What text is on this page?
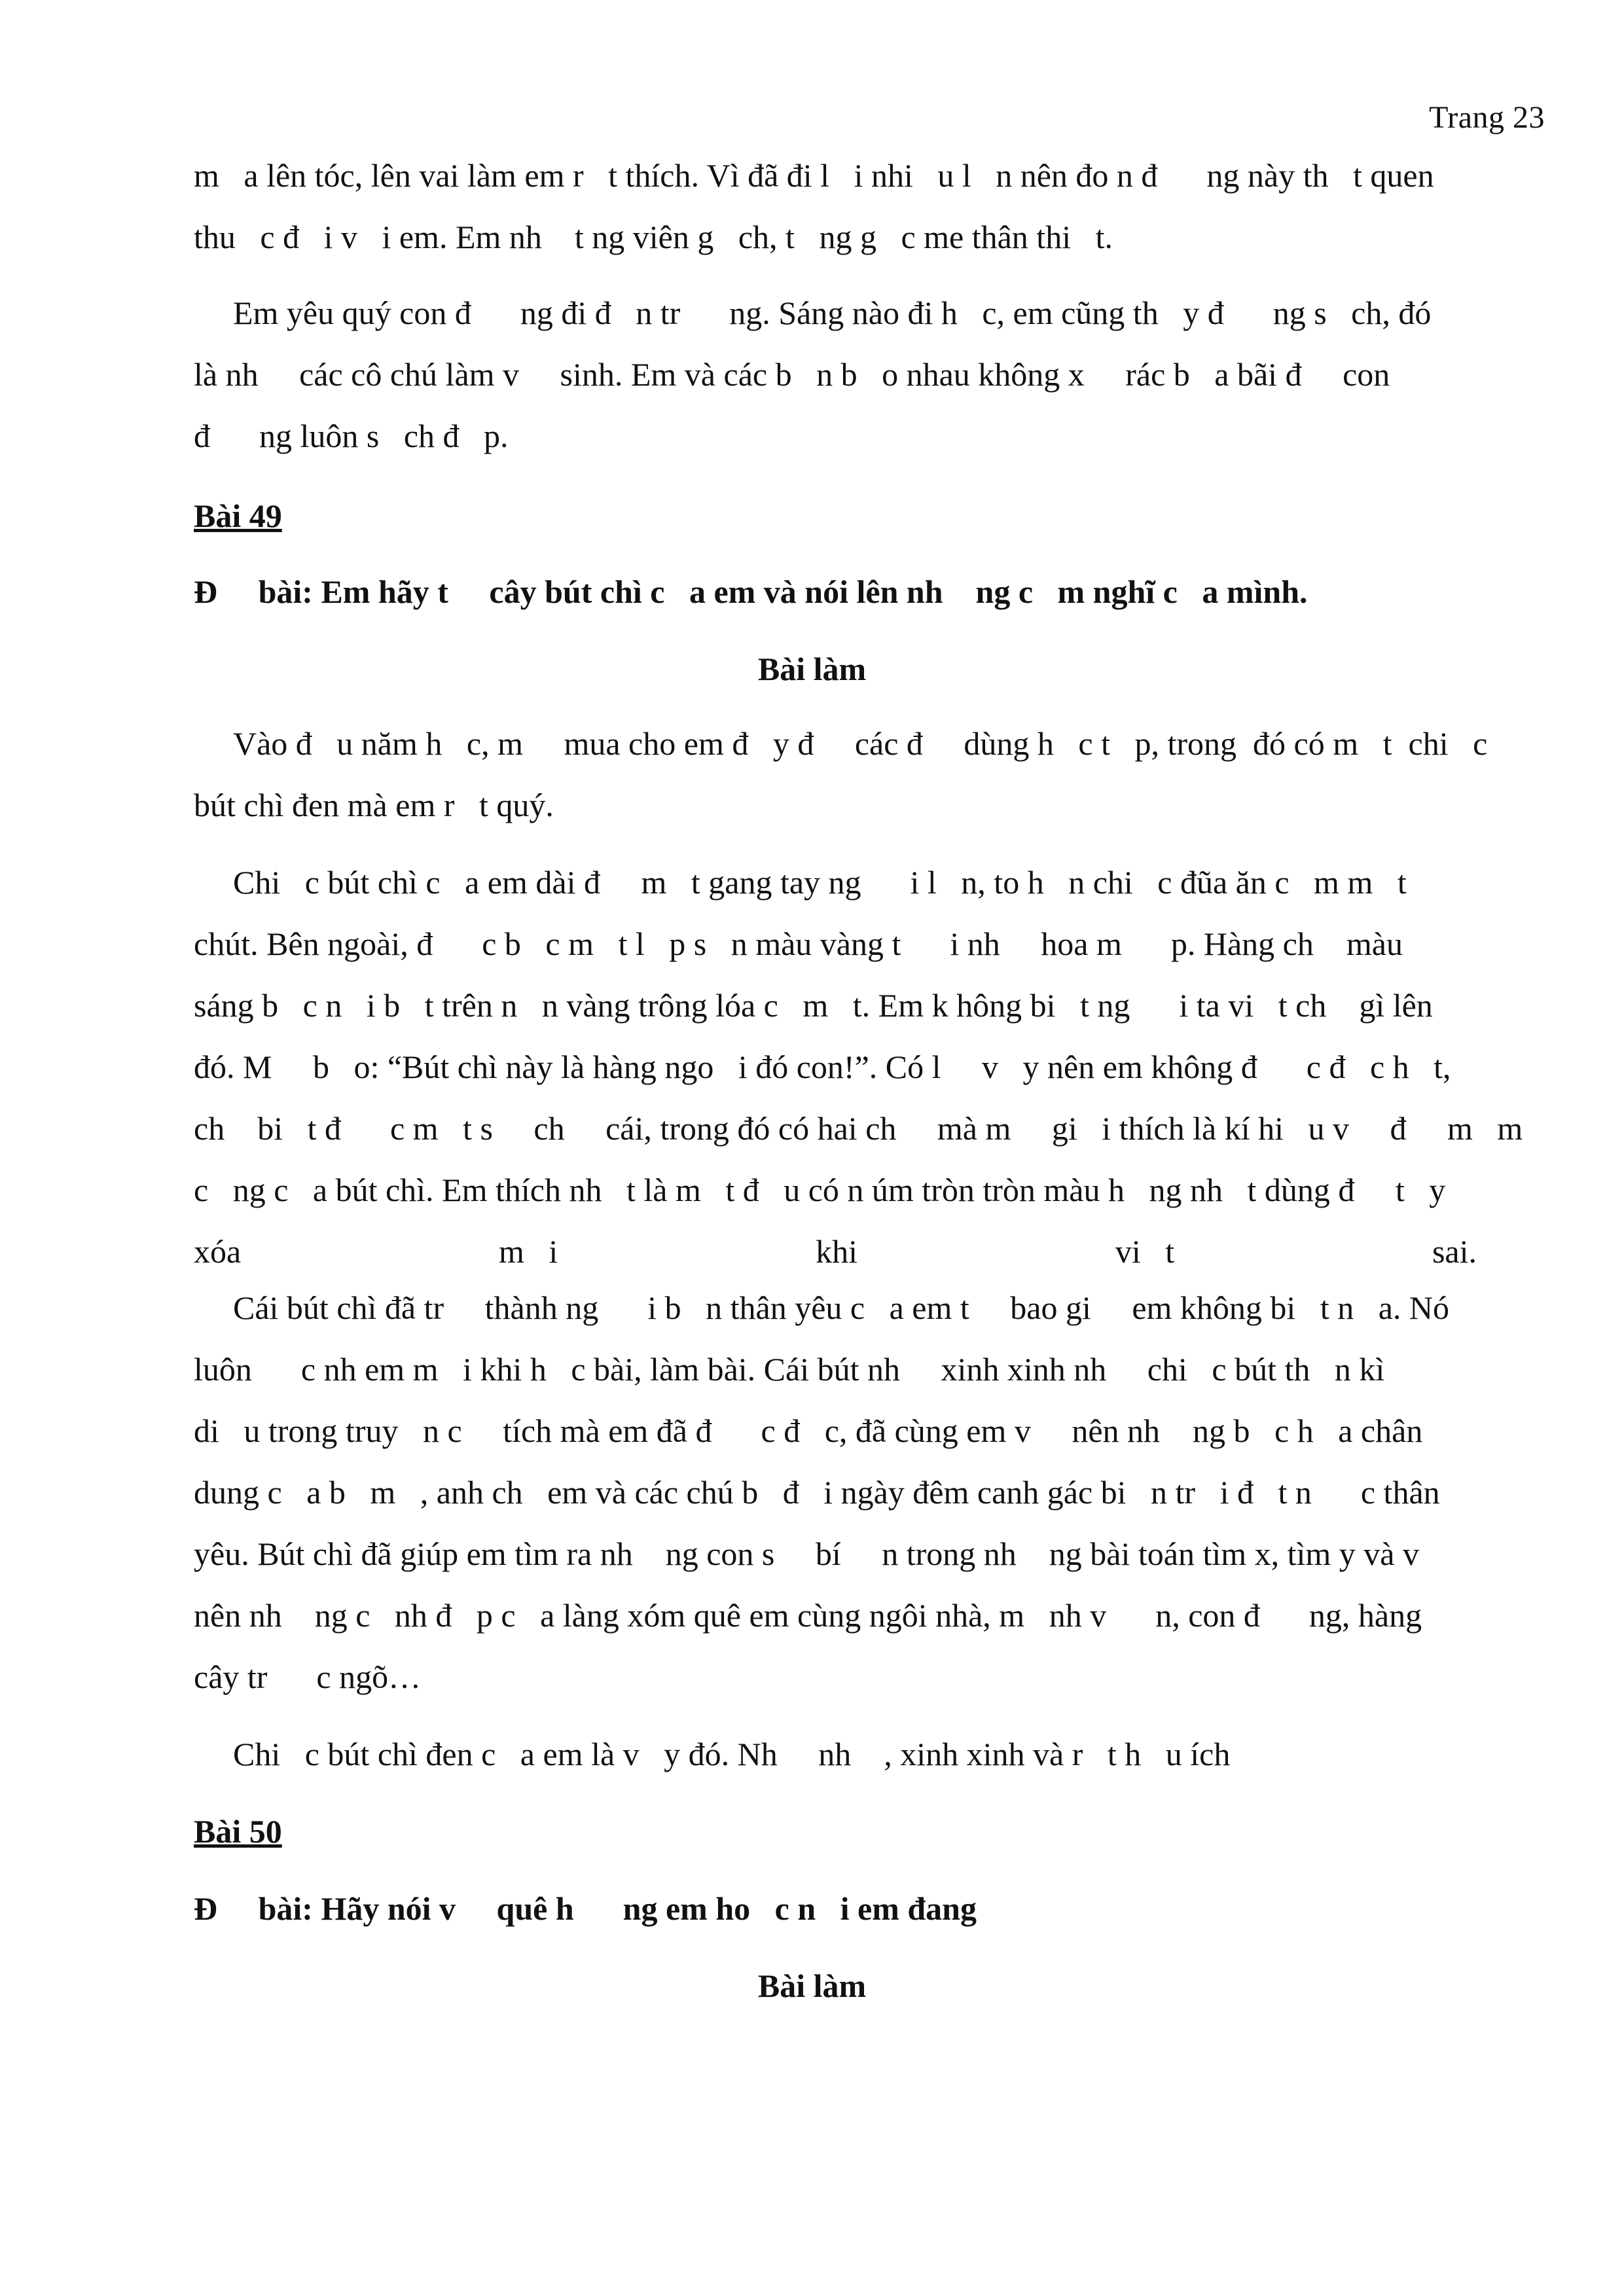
Trang 23
m   a lên tóc, lên vai làm em r   t thích. Vì đã đi l   i nhi   u l   n nên đo n đ      ng này th   t quen
thu   c đ   i v   i em. Em nh    t ng viên g   ch, t   ng g   c me thân thi   t.
Em yêu quý con đ      ng đi đ   n tr      ng. Sáng nào đi h   c, em cũng th   y đ      ng s   ch, đó
là nh     các cô chú làm v     sinh. Em và các b   n b   o nhau không x     rác b   a bãi đ     con
đ      ng luôn s   ch đ   p.
Bài 49
Đ     bài: Em hãy t     cây bút chì c   a em và nói lên nh    ng c   m nghĩ c   a mình.
Bài làm
Vào đ   u năm h   c, m     mua cho em đ   y đ     các đ     dùng h   c t   p, trong  đó có m   t  chi   c
bút chì đen mà em r   t quý.
Chi   c bút chì c   a em dài đ     m   t gang tay ng      i l   n, to h   n chi   c đũa ăn c   m m   t
chút. Bên ngoài, đ      c b   c m   t l   p s   n màu vàng t      i nh     hoa m      p. Hàng ch    màu
sáng b   c n   i b   t trên n   n vàng trông lóa c   m   t. Em k hông bi   t ng      i ta vi   t ch    gì lên
đó. M     b   o: “Bút chì này là hàng ngo   i đó con!”. Có l     v   y nên em không đ      c đ   c h   t,
ch    bi   t đ      c m   t s     ch     cái, trong đó có hai ch     mà m     gi   i thích là kí hi   u v     đ     m   m
c   ng c   a bút chì. Em thích nh   t là m   t đ   u có n úm tròn tròn màu h   ng nh   t dùng đ     t   y
xóa	m   i	khi	vi   t	sai.
Cái bút chì đã tr     thành ng      i b   n thân yêu c   a em t     bao gi     em không bi   t n   a. Nó
luôn      c nh em m   i khi h   c bài, làm bài. Cái bút nh     xinh xinh nh     chi   c bút th   n kì
di   u trong truy   n c     tích mà em đã đ      c đ   c, đã cùng em v     nên nh    ng b   c h   a chân
dung c   a b   m   , anh ch   em và các chú b   đ   i ngày đêm canh gác bi   n tr   i đ   t n      c thân
yêu. Bút chì đã giúp em tìm ra nh    ng con s     bí     n trong nh    ng bài toán tìm x, tìm y và v
nên nh    ng c   nh đ   p c   a làng xóm quê em cùng ngôi nhà, m   nh v      n, con đ      ng, hàng
cây tr      c ngõ…
Chi   c bút chì đen c   a em là v   y đó. Nh     nh    , xinh xinh và r   t h   u ích
Bài 50
Đ     bài: Hãy nói v     quê h      ng em ho   c n   i em đang
Bài làm
